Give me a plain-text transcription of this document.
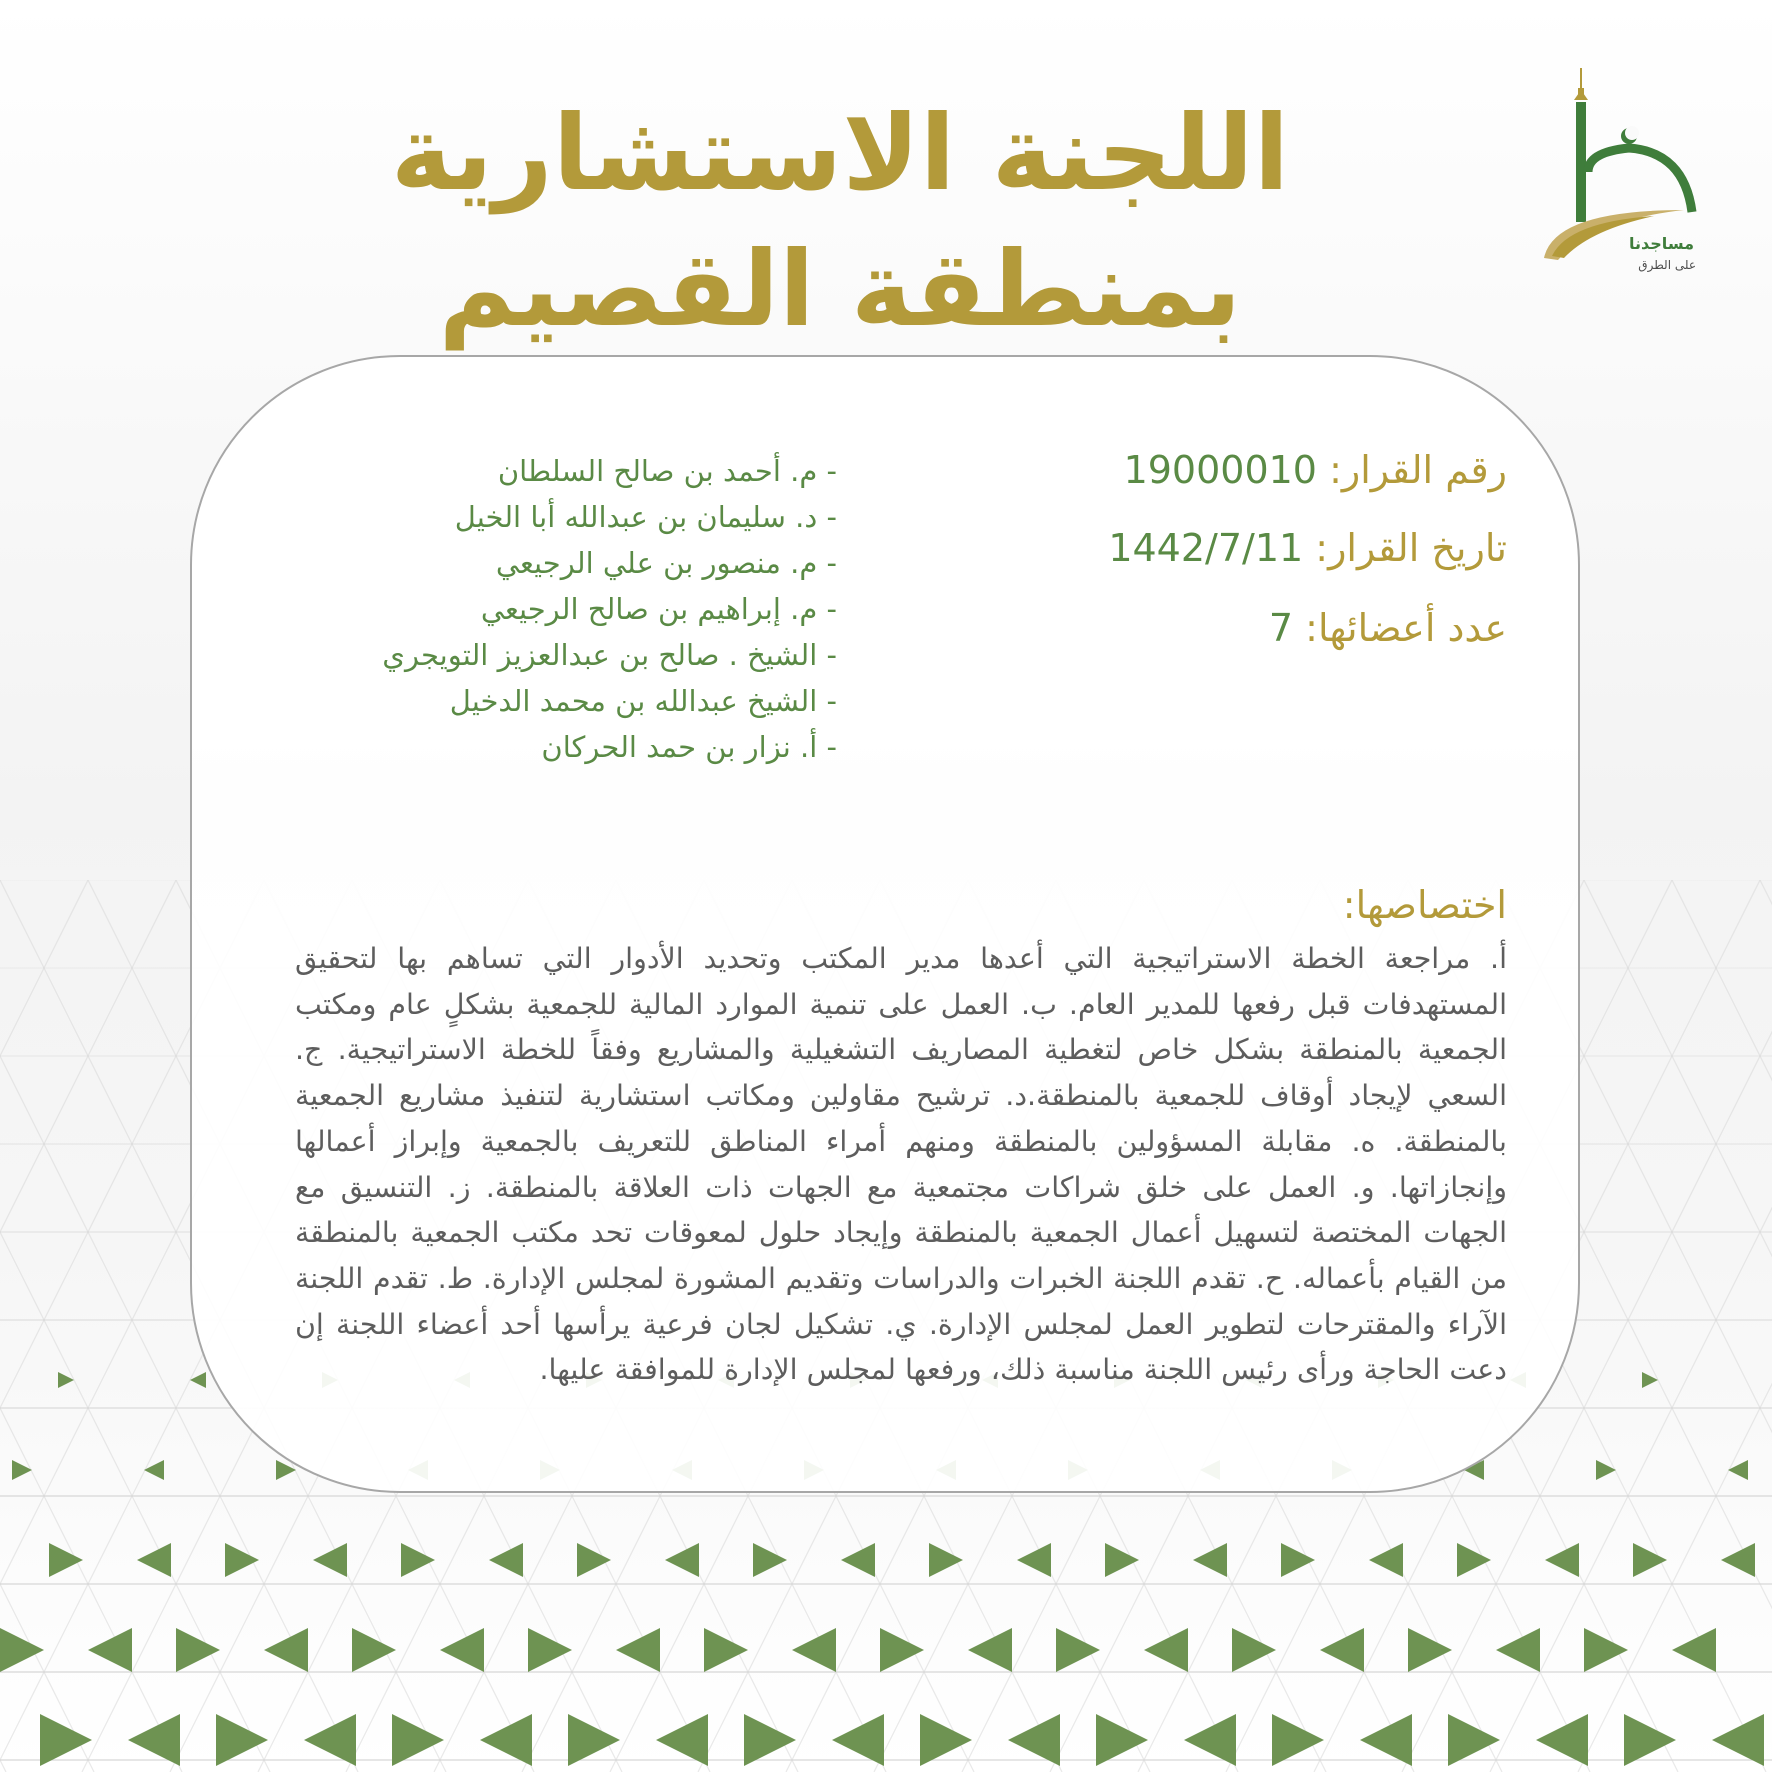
مساجدنا
على الطرق
اللجنة الاستشارية
بمنطقة القصيم
رقم القرار: 19000010
تاريخ القرار: 1442/7/11
عدد أعضائها: 7
- م. أحمد بن صالح السلطان
- د. سليمان بن عبدالله أبا الخيل
- م. منصور بن علي الرجيعي
- م. إبراهيم بن صالح الرجيعي
- الشيخ . صالح بن عبدالعزيز التويجري
- الشيخ عبدالله بن محمد الدخيل
- أ. نزار بن حمد الحركان
اختصاصها:
أ. مراجعة الخطة الاستراتيجية التي أعدها مدير المكتب وتحديد الأدوار التي تساهم بها لتحقيق المستهدفات قبل رفعها للمدير العام. ب. العمل على تنمية الموارد المالية للجمعية بشكلٍ عام ومكتب الجمعية بالمنطقة بشكل خاص لتغطية المصاريف التشغيلية والمشاريع وفقاً للخطة الاستراتيجية. ج. السعي لإيجاد أوقاف للجمعية بالمنطقة.د. ترشيح مقاولين ومكاتب استشارية لتنفيذ مشاريع الجمعية بالمنطقة. ه. مقابلة المسؤولين بالمنطقة ومنهم أمراء المناطق للتعريف بالجمعية وإبراز أعمالها وإنجازاتها. و. العمل على خلق شراكات مجتمعية مع الجهات ذات العلاقة بالمنطقة. ز. التنسيق مع الجهات المختصة لتسهيل أعمال الجمعية بالمنطقة وإيجاد حلول لمعوقات تحد مكتب الجمعية بالمنطقة من القيام بأعماله. ح. تقدم اللجنة الخبرات والدراسات وتقديم المشورة لمجلس الإدارة. ط. تقدم اللجنة الآراء والمقترحات لتطوير العمل لمجلس الإدارة. ي. تشكيل لجان فرعية يرأسها أحد أعضاء اللجنة إن دعت الحاجة ورأى رئيس اللجنة مناسبة ذلك، ورفعها لمجلس الإدارة للموافقة عليها.
